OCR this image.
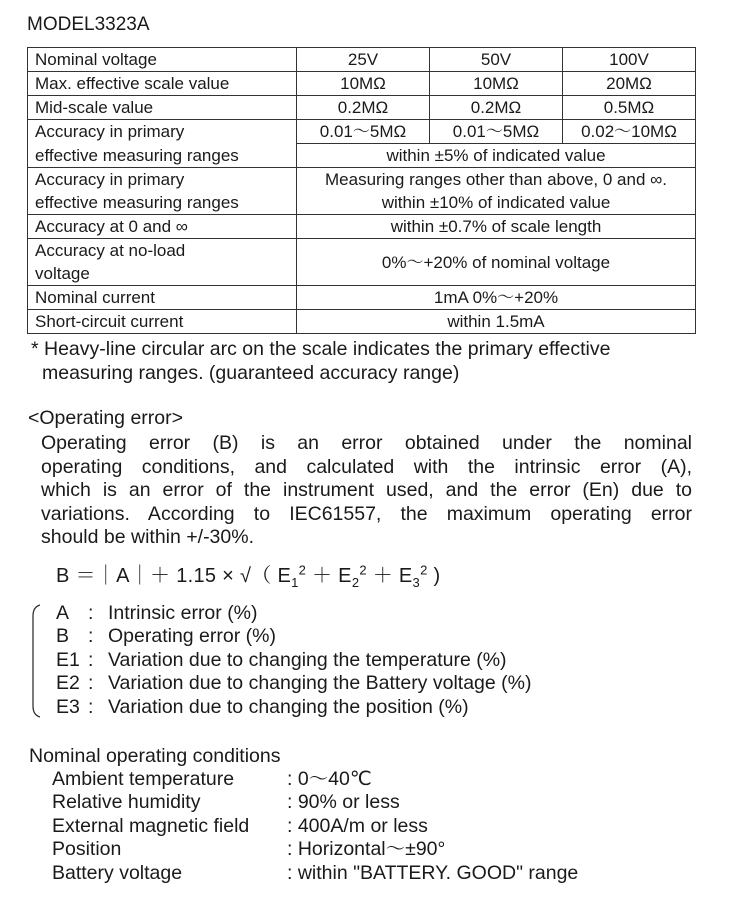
MODEL3323A
Nominal voltage	25V	50V	100V
Max. effective scale value	10MΩ	10MΩ	20MΩ
Mid-scale value	0.2MΩ	0.2MΩ	0.5MΩ
Accuracy in primary	0.01～5MΩ	0.01～5MΩ	0.02～10MΩ
effective measuring ranges	within ±5% of indicated value		

Accuracy in primary
effective measuring ranges	Measuring ranges other than above, 0 and ∞.
within ±10% of indicated value		

Accuracy at 0 and ∞	within ±0.7% of scale length		

Accuracy at no-load
voltage	0%～+20% of nominal voltage		
Nominal current	1mA 0%～+20%		
Short-circuit current	within 1.5mA		
* Heavy-line circular arc on the scale indicates the primary effective
measuring ranges. (guaranteed accuracy range)
<Operating error>
Operating error (B) is an error obtained under the nominal
operating conditions, and calculated with the intrinsic error (A),
which is an error of the instrument used, and the error (En) due to
variations. According to IEC61557, the maximum operating error
should be within +/-30%.
B ＝｜A｜＋ 1.15 × √（ $E_1^2 + E_2^2 + E_3^2$ )
A : Intrinsic error (%)
B : Operating error (%)
E1 : Variation due to changing the temperature (%)
E2 : Variation due to changing the Battery voltage (%)
E3 : Variation due to changing the position (%)
Nominal operating conditions
Ambient temperature	: 0～40℃
Relative humidity	: 90% or less
External magnetic field	: 400A/m or less
Position	: Horizontal～±90°
Battery voltage	: within "BATTERY. GOOD" range
